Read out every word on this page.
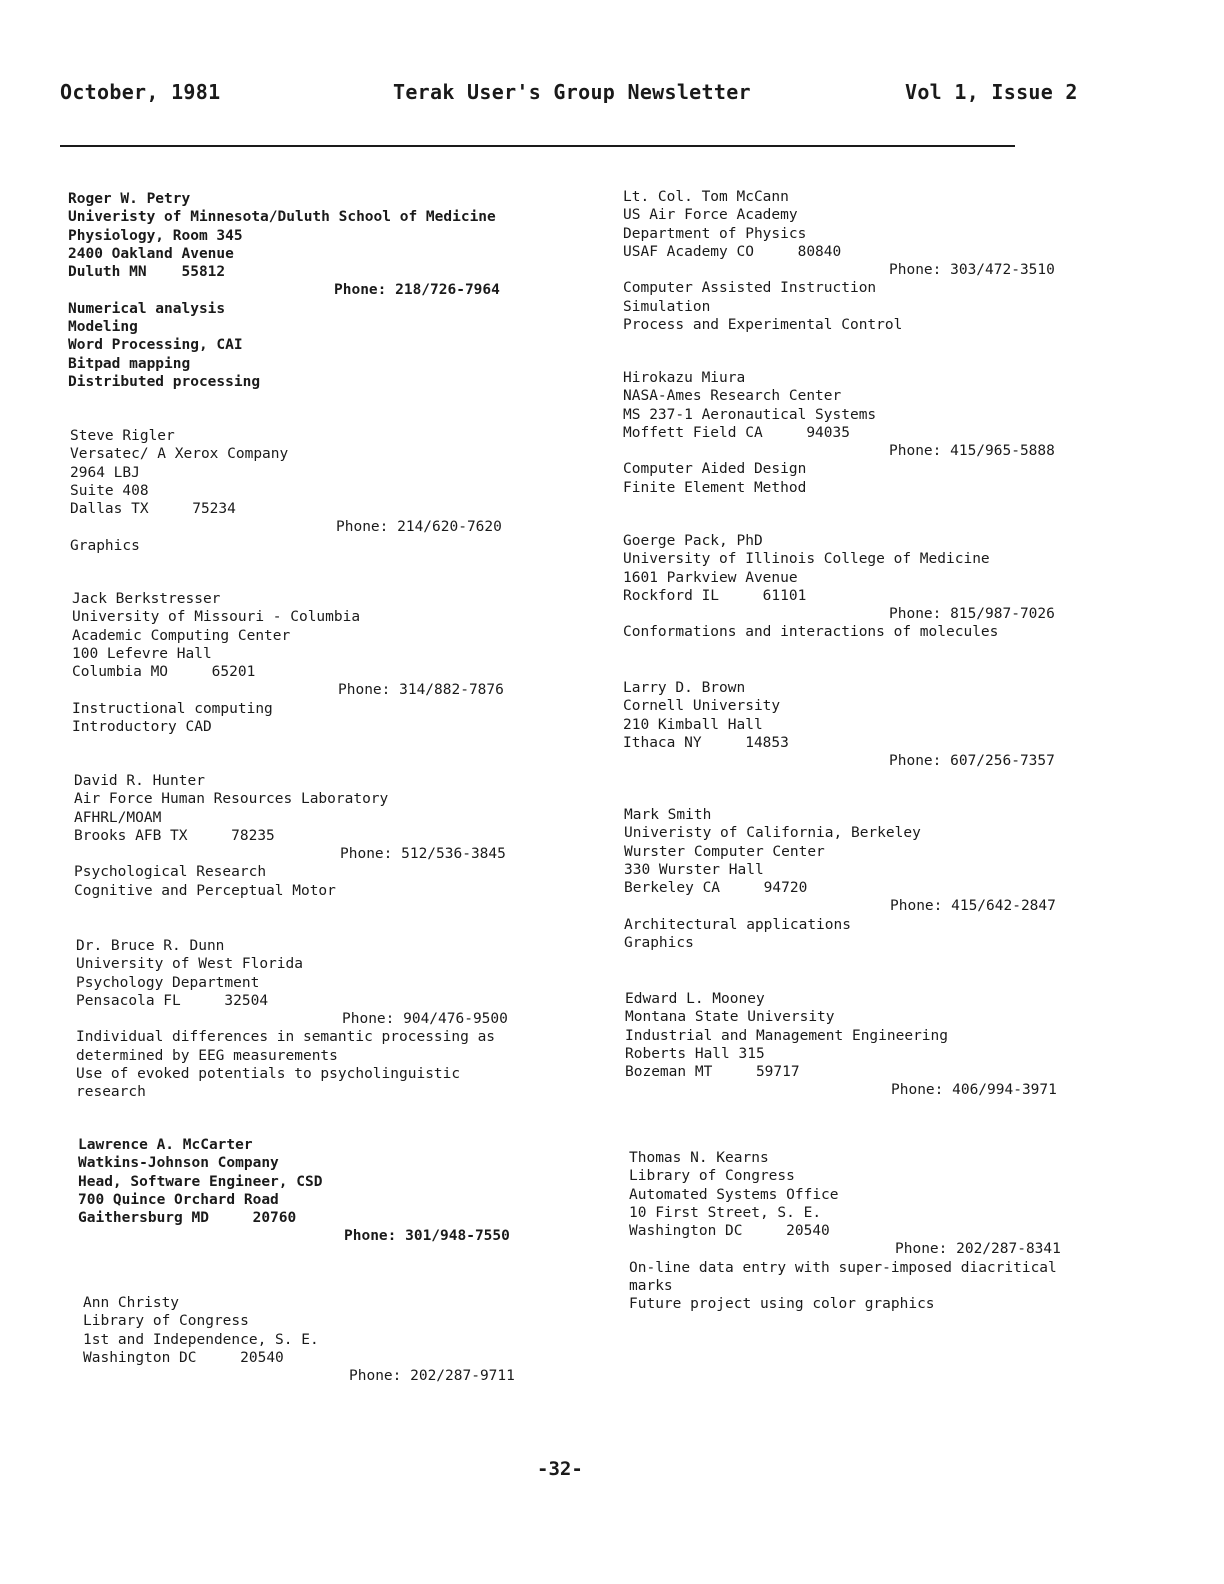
October, 1981	Terak User's Group Newsletter	Vol 1, Issue 2
Roger W. Petry
Univeristy of Minnesota/Duluth School of Medicine
Physiology, Room 345
2400 Oakland Avenue
Duluth MN    55812
Phone: 218/726-7964
Numerical analysis
Modeling
Word Processing, CAI
Bitpad mapping
Distributed processing
Steve Rigler
Versatec/ A Xerox Company
2964 LBJ
Suite 408
Dallas TX     75234
Phone: 214/620-7620
Graphics
Jack Berkstresser
University of Missouri - Columbia
Academic Computing Center
100 Lefevre Hall
Columbia MO     65201
Phone: 314/882-7876
Instructional computing
Introductory CAD
David R. Hunter
Air Force Human Resources Laboratory
AFHRL/MOAM
Brooks AFB TX     78235
Phone: 512/536-3845
Psychological Research
Cognitive and Perceptual Motor
Dr. Bruce R. Dunn
University of West Florida
Psychology Department
Pensacola FL     32504
Phone: 904/476-9500
Individual differences in semantic processing as
determined by EEG measurements
Use of evoked potentials to psycholinguistic
research
Lawrence A. McCarter
Watkins-Johnson Company
Head, Software Engineer, CSD
700 Quince Orchard Road
Gaithersburg MD     20760
Phone: 301/948-7550
Ann Christy
Library of Congress
1st and Independence, S. E.
Washington DC     20540
Phone: 202/287-9711
Lt. Col. Tom McCann
US Air Force Academy
Department of Physics
USAF Academy CO     80840
Phone: 303/472-3510
Computer Assisted Instruction
Simulation
Process and Experimental Control
Hirokazu Miura
NASA-Ames Research Center
MS 237-1 Aeronautical Systems
Moffett Field CA     94035
Phone: 415/965-5888
Computer Aided Design
Finite Element Method
Goerge Pack, PhD
University of Illinois College of Medicine
1601 Parkview Avenue
Rockford IL     61101
Phone: 815/987-7026
Conformations and interactions of molecules
Larry D. Brown
Cornell University
210 Kimball Hall
Ithaca NY     14853
Phone: 607/256-7357
Mark Smith
Univeristy of California, Berkeley
Wurster Computer Center
330 Wurster Hall
Berkeley CA     94720
Phone: 415/642-2847
Architectural applications
Graphics
Edward L. Mooney
Montana State University
Industrial and Management Engineering
Roberts Hall 315
Bozeman MT     59717
Phone: 406/994-3971
Thomas N. Kearns
Library of Congress
Automated Systems Office
10 First Street, S. E.
Washington DC     20540
Phone: 202/287-8341
On-line data entry with super-imposed diacritical
marks
Future project using color graphics
-32-
